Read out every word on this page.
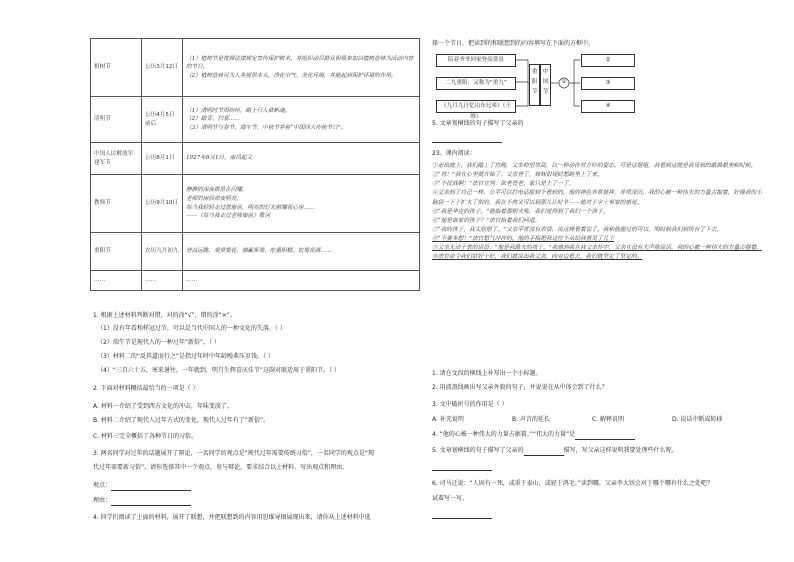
植树节	公历3月12日	（1）植树节是按照法律规定宣传保护树木，并组织动员群众积极参加以植树造林为活动内容的节日。
（2）植树造林可为人类提供木头，净化空气、美化环境，并能起到保护环境的作用。

清明节	公历4月5日前后	（1）清明时节雨纷纷，路上行人欲断魂。
（2）踏青、扫墓……
（3）清明节与春节、端午节、中秋节并称“中国四大传统节日”。

中国人民解放军建军节	公历8月1日	1927年8月1日，南昌起义

教师节	公历9月10日	静静的深夜群星在闪耀，
老师的房间彻夜明亮，
每当我轻轻走过您窗前，明亮的灯光照耀我心房……
——《每当我走过老师窗前》歌词

重阳节	农历九月初九	登高远眺、观赏菊花、插戴茱萸、吃重阳糕、饮菊花酒……

……	……	……
1. 根据上述材料判断对错，对的涂“√”，错的涂“×”。
（1）没有年看和样冠过节，可以是当代中国人的一种文化的失落。（ ）
（2）端午节是现代人的一种过年“新俗”。（ ）
（3）材料二的“反其道而行之”是指过年时中年龄晚辈压岁钱。（ ）
（4）“三百六十五，寒来暑往，一年就到，明月生辉喜庆佳节”这副对联适用于重阳节。（ ）
2. 下面对材料概括最恰当的一项是（ ）
A. 材料一介绍了受到西方文化的冲击，年味变淡了。
B. 材料二介绍了现代人过年方式的变化，现代人过年有了“新俗”。
C. 材料三完全概括了各种节日的习俗。
3. 两名同学对过年的话题展开了辩论，一名同学的观点是“现代过年需要传统习俗”，一名同学的观点是“现
代过年需要新习俗”。请你选择其中一个观点，参与辩论，要求结合以上材料，写出观点和理由。
观点：
理由：
4. 同学们阅读了上面的材料，展开了联想，并把联想到的内容用思维导图展现出来，请你从上述材料中选
择一个节日，把读到的和联想到的内容填写在下面的方框中。
陪着爷爷回家登高赏景
二九重阳，又称为“重九”
《九月九日忆山东兄弟》（王维）
重阳节
中国节
①
②
③
④
5. 文章划横线的句子描写了父亲的

23、课内阅读：
①走出庭上，我们踏上了宫殿，父亲仰望崇高，以一种动作对方吓的姿态。可是这姐姐，我看到这就是我见到的最最最美和时候。
②“对！”我在心里就开始了。父亲登了，妹妹很现时想跨里上了来。
③“不仗战啊！”法官宣判：欲老苍老，象只是上了一了。
④父亲到了自己一样，公平可以打电话报到个看到的。他的神色非常慈祥，非常深沉，我的心被一种伟大的力量占据着，好像我的小脑袋一下子扩大了似的，我在不然又可以到那儿让时节——他对子宇士事家的感觉。
⑤“我是华克的孩子。”他指着那根火柴，我们觉得到了我们一个孩子。
⑥“他是谁家的孩子？”法官指着我们问道。
⑦“我的孩子，我太欣慰了。”父亲平常没有表情，说这样看着说了。我和他握过的可以，明时候我们到所有了下去。
⑧“不要多想！”法官怒气冲冲的。他的手指把我这位不从给我看见了几下
⑨父亲无动于衷的话语：“他是我最大的孩子。”我感到我在我父亲怀中，父亲在没有大声地说话，我的心被一种伟大的力量占据着。
⑩法官命令我们站好十好，我们就说出我父亲，向旁边看去，我们就坚定了坚定的。
1. 请在文段的横线上补写出一个小标题。
2. 用波浪线画出写父亲外貌的句子，并说说在从中体会到了什么？
3. 文中破折号的作用是（ ）
A. 补充说明	B. 声音的延长	C. 解释说明	D. 说话中断或转移
4. “他的心被一种伟大的力量占据着。”“伟大的力量”是
5. 文章划横线的句子描写了父亲的	描写，写父亲这样说明我要处理些什么呢。

6. 司马迁说：“人固有一死，或重于泰山，或轻于鸿毛。”读到哪，父亲李大钊会对于哪个哪有什么之处吧？
试着写一写。
